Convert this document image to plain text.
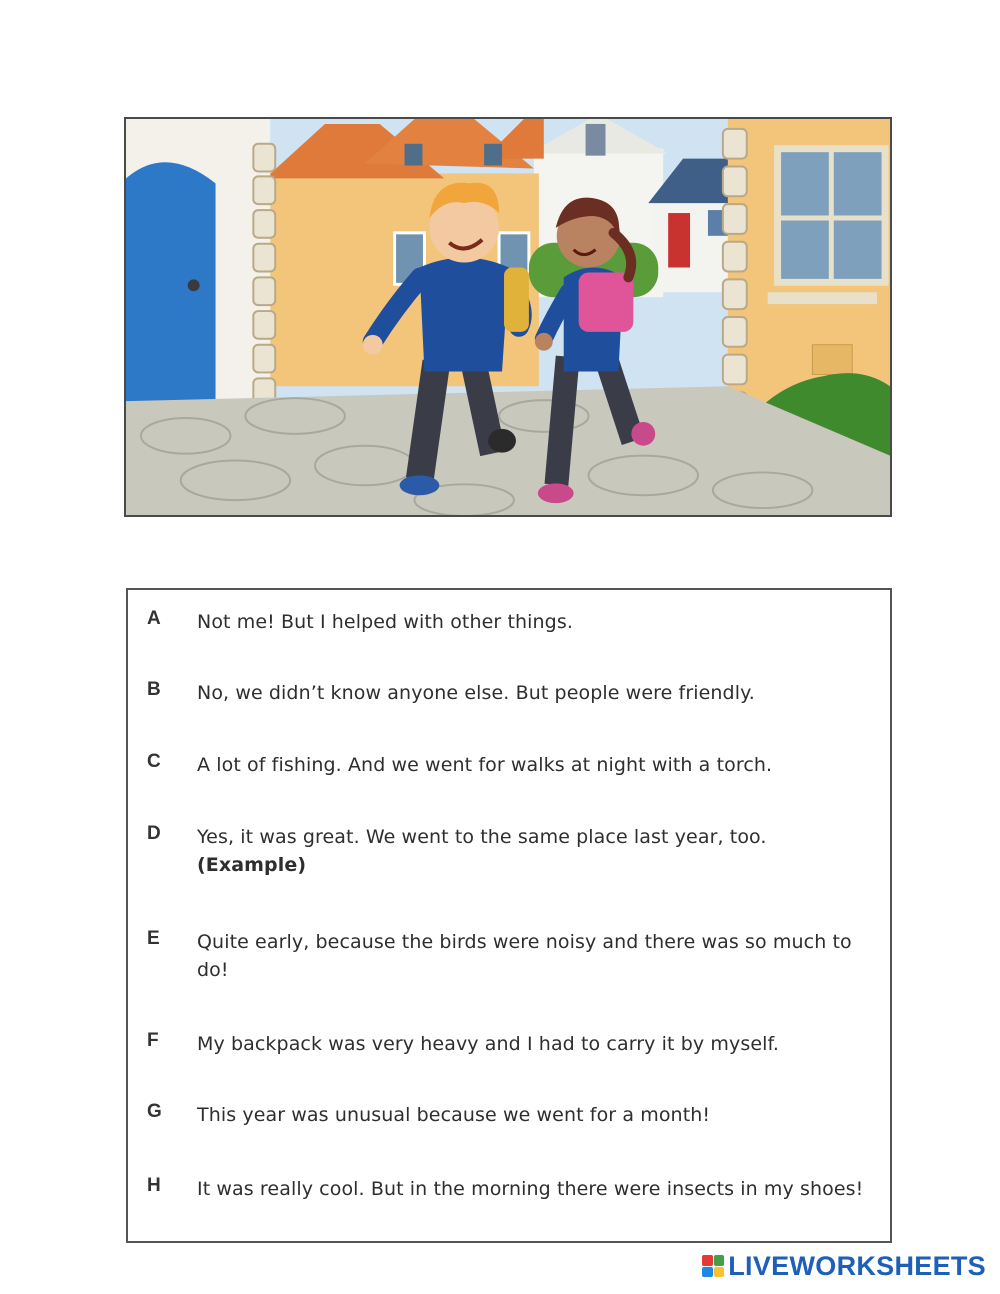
A Not me! But I helped with other things.
B No, we didn’t know anyone else. But people were friendly.
C A lot of fishing. And we went for walks at night with a torch.
D Yes, it was great. We went to the same place last year, too.
(Example)
E Quite early, because the birds were noisy and there was so much to do!
F My backpack was very heavy and I had to carry it by myself.
G This year was unusual because we went for a month!
H It was really cool. But in the morning there were insects in my shoes!
LIVEWORKSHEETS
